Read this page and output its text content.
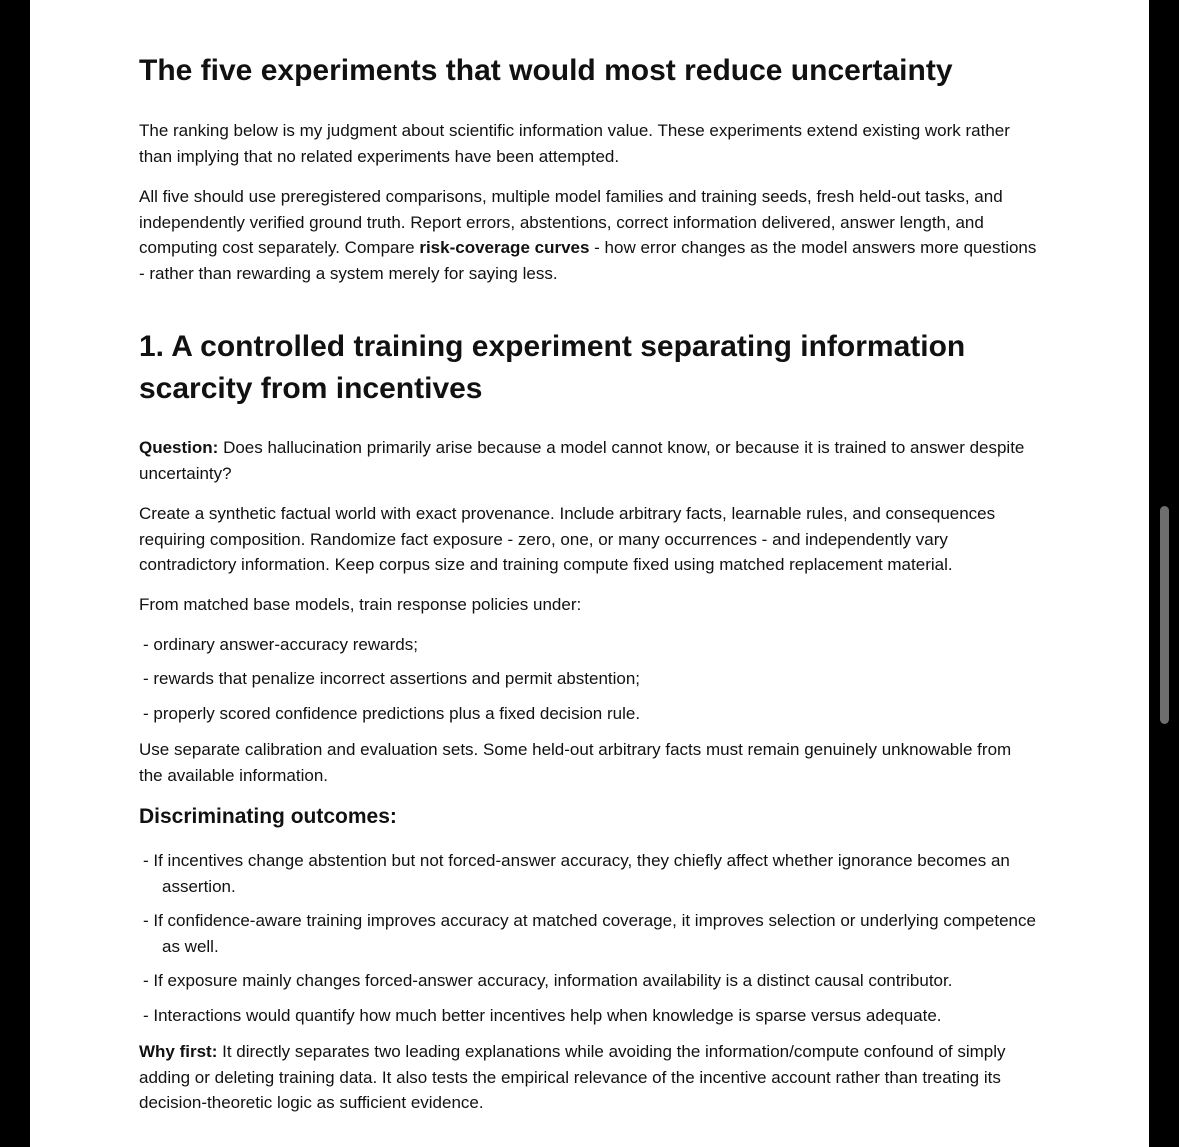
The five experiments that would most reduce uncertainty

The ranking below is my judgment about scientific information value. These experiments extend existing work rather than implying that no related experiments have been attempted.

All five should use preregistered comparisons, multiple model families and training seeds, fresh held-out tasks, and independently verified ground truth. Report errors, abstentions, correct information delivered, answer length, and computing cost separately. Compare risk-coverage curves - how error changes as the model answers more questions - rather than rewarding a system merely for saying less.

1. A controlled training experiment separating information scarcity from incentives

Question: Does hallucination primarily arise because a model cannot know, or because it is trained to answer despite uncertainty?

Create a synthetic factual world with exact provenance. Include arbitrary facts, learnable rules, and consequences requiring composition. Randomize fact exposure - zero, one, or many occurrences - and independently vary contradictory information. Keep corpus size and training compute fixed using matched replacement material.

From matched base models, train response policies under:

- ordinary answer-accuracy rewards;
- rewards that penalize incorrect assertions and permit abstention;
- properly scored confidence predictions plus a fixed decision rule.

Use separate calibration and evaluation sets. Some held-out arbitrary facts must remain genuinely unknowable from the available information.

Discriminating outcomes:
- If incentives change abstention but not forced-answer accuracy, they chiefly affect whether ignorance becomes an assertion.
- If confidence-aware training improves accuracy at matched coverage, it improves selection or underlying competence as well.
- If exposure mainly changes forced-answer accuracy, information availability is a distinct causal contributor.
- Interactions would quantify how much better incentives help when knowledge is sparse versus adequate.

Why first: It directly separates two leading explanations while avoiding the information/compute confound of simply adding or deleting training data. It also tests the empirical relevance of the incentive account rather than treating its decision-theoretic logic as sufficient evidence.
